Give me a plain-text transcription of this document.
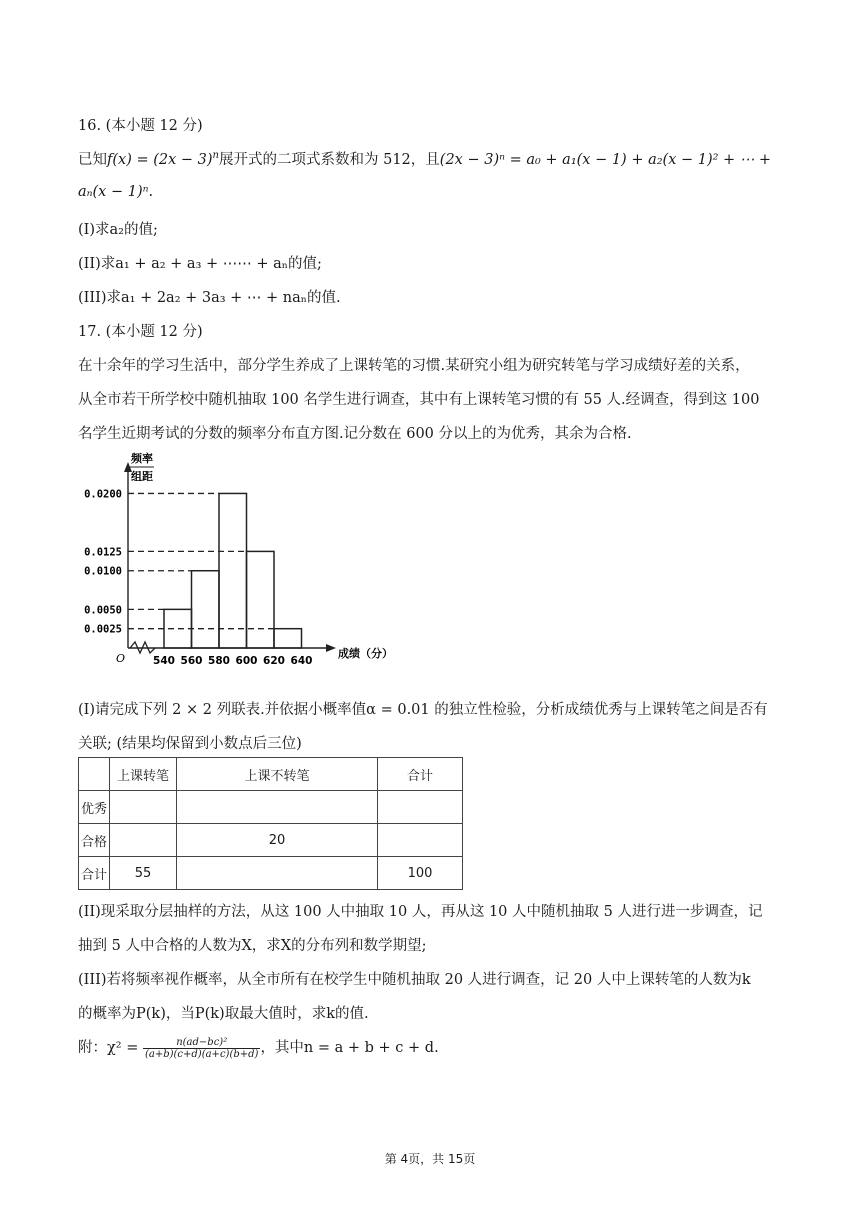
16. (本小题 12 分)
已知$f(x) = (2x - 3)^n$展开式的二项式系数和为 512，且(2x − 3)ⁿ = a₀ + a₁(x − 1) + a₂(x − 1)² + ⋯ +
aₙ(x − 1)ⁿ.
(I)求a₂的值;
(II)求a₁ + a₂ + a₃ + ⋯⋯ + aₙ的值;
(III)求a₁ + 2a₂ + 3a₃ + ⋯ + naₙ的值.
17. (本小题 12 分)
在十余年的学习生活中，部分学生养成了上课转笔的习惯.某研究小组为研究转笔与学习成绩好差的关系，
从全市若干所学校中随机抽取 100 名学生进行调查，其中有上课转笔习惯的有 55 人.经调查，得到这 100
名学生近期考试的分数的频率分布直方图.记分数在 600 分以上的为优秀，其余为合格.
O
频率
组距
0.0200
0.0125
0.0100
0.0050
0.0025
540 560 580 600 620 640
成绩（分）
(I)请完成下列 2 × 2 列联表.并依据小概率值α = 0.01 的独立性检验，分析成绩优秀与上课转笔之间是否有
关联; (结果均保留到小数点后三位)
	上课转笔	上课不转笔	合计
优秀			
合格		20	
合计	55		100
(II)现采取分层抽样的方法，从这 100 人中抽取 10 人，再从这 10 人中随机抽取 5 人进行进一步调查，记
抽到 5 人中合格的人数为X，求X的分布列和数学期望;
(III)若将频率视作概率，从全市所有在校学生中随机抽取 20 人进行调查，记 20 人中上课转笔的人数为k
的概率为P(k)，当P(k)取最大值时，求k的值.
附：$\chi^2 = \frac{\text{n(ad−bc)²}}{(a+b)(c+d)(a+c)(b+d)}$ ，其中n = a + b + c + d.
第 4页，共 15页
